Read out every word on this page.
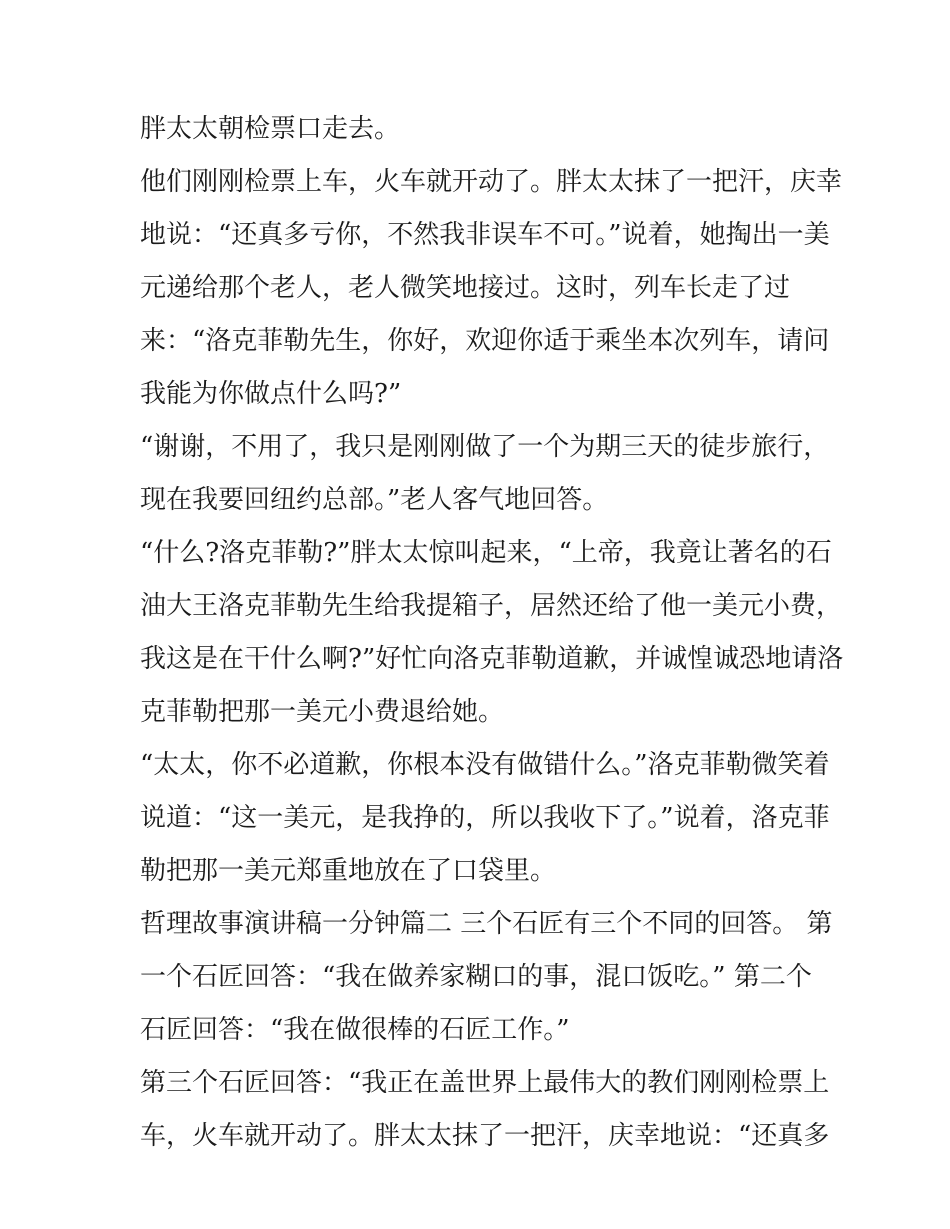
胖太太朝检票口走去。
他们刚刚检票上车，火车就开动了。胖太太抹了一把汗，庆幸
地说：“还真多亏你，不然我非误车不可。”说着，她掏出一美
元递给那个老人，老人微笑地接过。这时，列车长走了过
来：“洛克菲勒先生，你好，欢迎你适于乘坐本次列车，请问
我能为你做点什么吗?”
“谢谢，不用了，我只是刚刚做了一个为期三天的徒步旅行，
现在我要回纽约总部。”老人客气地回答。
“什么?洛克菲勒?”胖太太惊叫起来，“上帝，我竟让著名的石
油大王洛克菲勒先生给我提箱子，居然还给了他一美元小费，
我这是在干什么啊?”好忙向洛克菲勒道歉，并诚惶诚恐地请洛
克菲勒把那一美元小费退给她。
“太太，你不必道歉，你根本没有做错什么。”洛克菲勒微笑着
说道：“这一美元，是我挣的，所以我收下了。”说着，洛克菲
勒把那一美元郑重地放在了口袋里。
哲理故事演讲稿一分钟篇二 三个石匠有三个不同的回答。 第
一个石匠回答：“我在做养家糊口的事，混口饭吃。” 第二个
石匠回答：“我在做很棒的石匠工作。”
第三个石匠回答：“我正在盖世界上最伟大的教们刚刚检票上
车，火车就开动了。胖太太抹了一把汗，庆幸地说：“还真多
